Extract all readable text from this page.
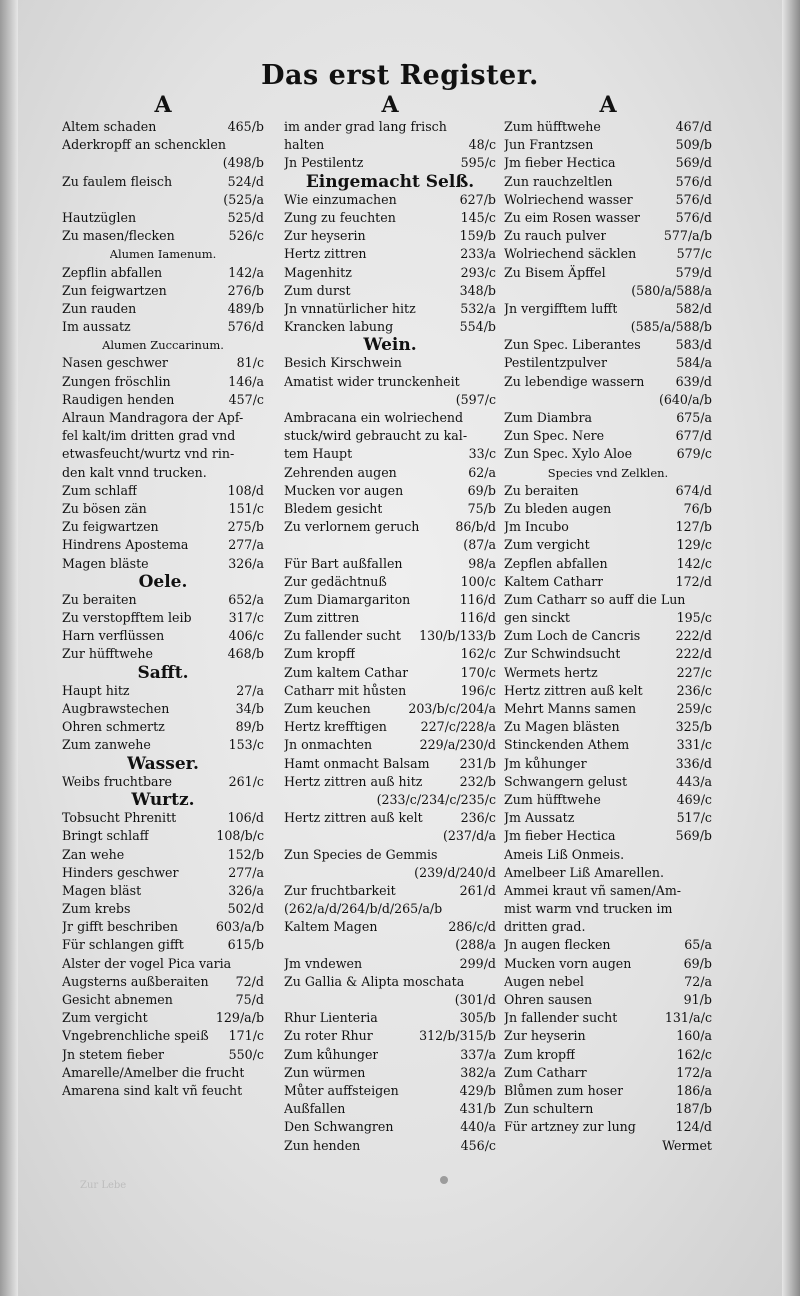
Das erst Register.
A
Altem schaden	465/b
Aderkropff an schencklen
(498/b
Zu faulem fleisch	524/d
(525/a
Hautzüglen	525/d
Zu masen/flecken	526/c
Alumen Iamenum.
Zepflin abfallen	142/a
Zun feigwartzen	276/b
Zun rauden	489/b
Im aussatz	576/d
Alumen Zuccarinum.
Nasen geschwer	81/c
Zungen fröschlin	146/a
Raudigen henden	457/c
Alraun Mandragora der Apf-
fel kalt/im dritten grad vnd
etwasfeucht/wurtz vnd rin-
den kalt vnnd trucken.
Zum schlaff	108/d
Zu bösen zän	151/c
Zu feigwartzen	275/b
Hindrens Apostema	277/a
Magen bläste	326/a
Oele.
Zu beraiten	652/a
Zu verstopfftem leib	317/c
Harn verflüssen	406/c
Zur hüfftwehe	468/b
Safft.
Haupt hitz	27/a
Augbrawstechen	34/b
Ohren schmertz	89/b
Zum zanwehe	153/c
Wasser.
Weibs fruchtbare	261/c
Wurtz.
Tobsucht Phrenitt	106/d
Bringt schlaff	108/b/c
Zan wehe	152/b
Hinders geschwer	277/a
Magen bläst	326/a
Zum krebs	502/d
Jr gifft beschriben	603/a/b
Für schlangen gifft	615/b
Alster der vogel Pica varia
Augsterns außberaiten	72/d
Gesicht abnemen	75/d
Zum vergicht	129/a/b
Vngebrenchliche speiß	171/c
Jn stetem fieber	550/c
Amarelle/Amelber die frucht
Amarena sind kalt vñ feucht
A
im ander grad lang frisch
halten	48/c
Jn Pestilentz	595/c
Eingemacht Selß.
Wie einzumachen	627/b
Zung zu feuchten	145/c
Zur heyserin	159/b
Hertz zittren	233/a
Magenhitz	293/c
Zum durst	348/b
Jn vnnatürlicher hitz	532/a
Krancken labung	554/b
Wein.
Besich Kirschwein
Amatist wider trunckenheit
(597/c
Ambracana ein wolriechend
stuck/wird gebraucht zu kal-
tem Haupt	33/c
Zehrenden augen	62/a
Mucken vor augen	69/b
Bledem gesicht	75/b
Zu verlornem geruch	86/b/d
(87/a
Für Bart außfallen	98/a
Zur gedächtnuß	100/c
Zum Diamargariton	116/d
Zum zittren	116/d
Zu fallender sucht	130/b/133/b
Zum kropff	162/c
Zum kaltem Cathar	170/c
Catharr mit hůsten	196/c
Zum keuchen	203/b/c/204/a
Hertz krefftigen	227/c/228/a
Jn onmachten	229/a/230/d
Hamt onmacht Balsam	231/b
Hertz zittren auß hitz	232/b
(233/c/234/c/235/c
Hertz zittren auß kelt	236/c
(237/d/a
Zun Species de Gemmis
(239/d/240/d
Zur fruchtbarkeit	261/d
(262/a/d/264/b/d/265/a/b
Kaltem Magen	286/c/d
(288/a
Jm vndewen	299/d
Zu Gallia & Alipta moschata
(301/d
Rhur Lienteria	305/b
Zu roter Rhur	312/b/315/b
Zum kůhunger	337/a
Zun würmen	382/a
Můter auffsteigen	429/b
Außfallen	431/b
Den Schwangren	440/a
Zun henden	456/c
A
Zum hüfftwehe	467/d
Jun Frantzsen	509/b
Jm fieber Hectica	569/d
Zun rauchzeltlen	576/d
Wolriechend wasser	576/d
Zu eim Rosen wasser	576/d
Zu rauch pulver	577/a/b
Wolriechend säcklen	577/c
Zu Bisem Äpffel	579/d
(580/a/588/a
Jn vergifftem lufft	582/d
(585/a/588/b
Zun Spec. Liberantes	583/d
Pestilentzpulver	584/a
Zu lebendige wassern	639/d
(640/a/b
Zum Diambra	675/a
Zun Spec. Nere	677/d
Zun Spec. Xylo Aloe	679/c
Species vnd Zelklen.
Zu beraiten	674/d
Zu bleden augen	76/b
Jm Incubo	127/b
Zum vergicht	129/c
Zepflen abfallen	142/c
Kaltem Catharr	172/d
Zum Catharr so auff die Lun
gen sinckt	195/c
Zum Loch de Cancris	222/d
Zur Schwindsucht	222/d
Wermets hertz	227/c
Hertz zittren auß kelt	236/c
Mehrt Manns samen	259/c
Zu Magen blästen	325/b
Stinckenden Athem	331/c
Jm kůhunger	336/d
Schwangern gelust	443/a
Zum hüfftwehe	469/c
Jm Aussatz	517/c
Jm fieber Hectica	569/b
Ameis Liß Onmeis.
Amelbeer Liß Amarellen.
Ammei kraut vñ samen/Am-
mist warm vnd trucken im
dritten grad.
Jn augen flecken	65/a
Mucken vorn augen	69/b
Augen nebel	72/a
Ohren sausen	91/b
Jn fallender sucht	131/a/c
Zur heyserin	160/a
Zum kropff	162/c
Zum Catharr	172/a
Blůmen zum hoser	186/a
Zun schultern	187/b
Für artzney zur lung	124/d
Wermet
Zur Lebe
